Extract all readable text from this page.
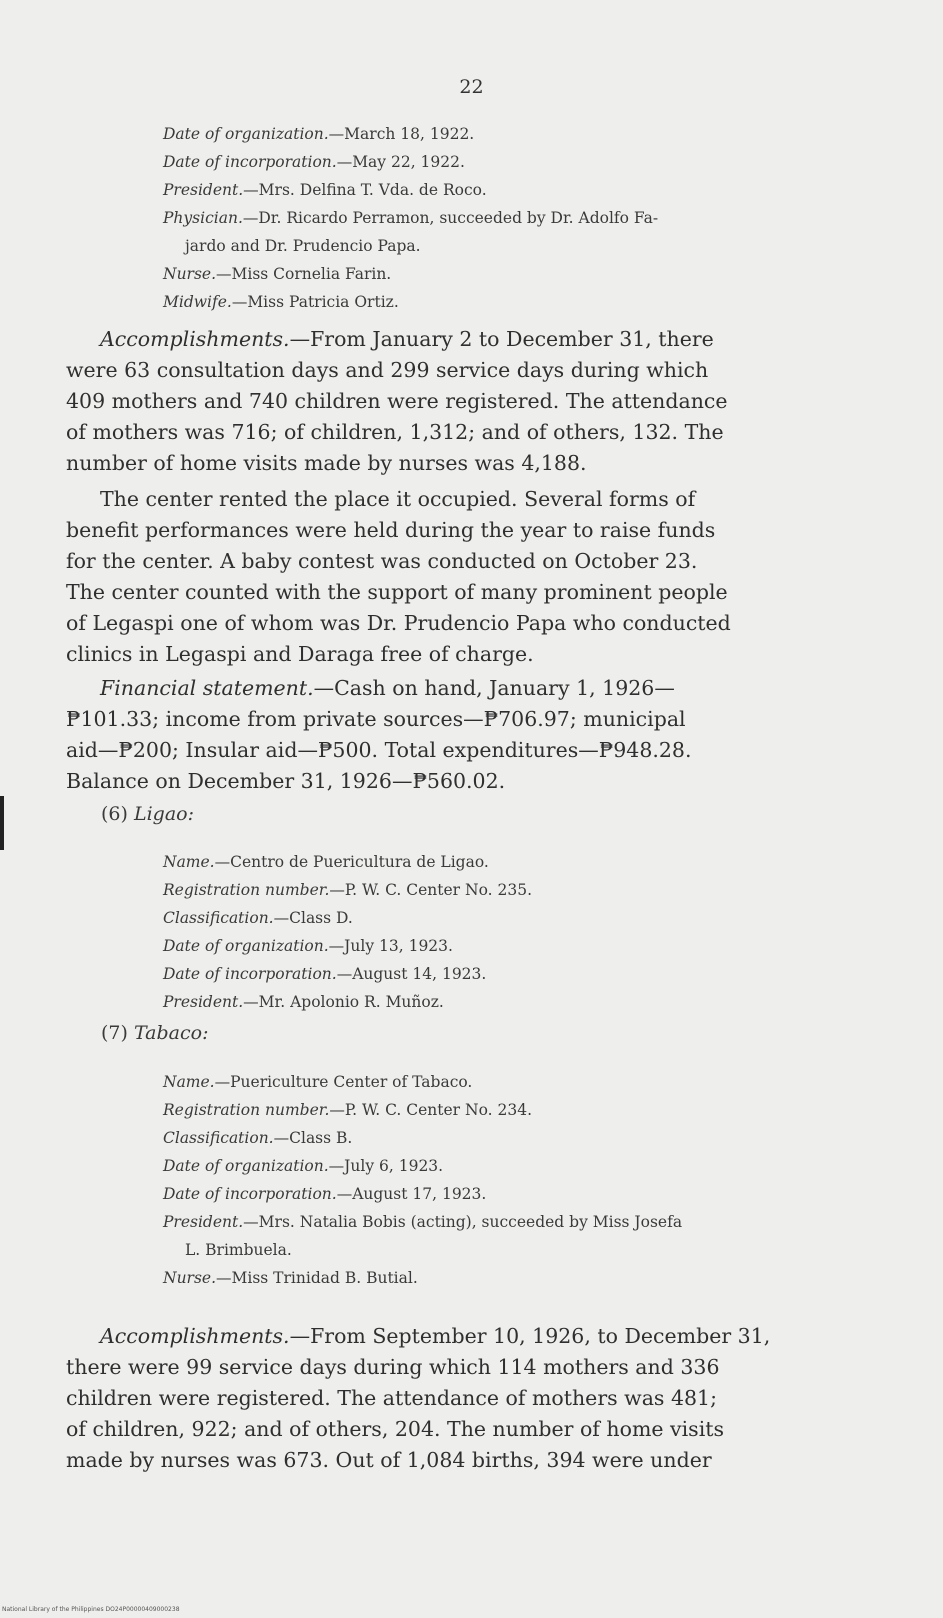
22
Date of organization.—March 18, 1922.
Date of incorporation.—May 22, 1922.
President.—Mrs. Delfina T. Vda. de Roco.
Physician.—Dr. Ricardo Perramon, succeeded by Dr. Adolfo Fa-
jardo and Dr. Prudencio Papa.
Nurse.—Miss Cornelia Farin.
Midwife.—Miss Patricia Ortiz.
Accomplishments.—From January 2 to December 31, there
were 63 consultation days and 299 service days during which
409 mothers and 740 children were registered. The attendance
of mothers was 716; of children, 1,312; and of others, 132. The
number of home visits made by nurses was 4,188.
The center rented the place it occupied. Several forms of
benefit performances were held during the year to raise funds
for the center. A baby contest was conducted on October 23.
The center counted with the support of many prominent people
of Legaspi one of whom was Dr. Prudencio Papa who conducted
clinics in Legaspi and Daraga free of charge.
Financial statement.—Cash on hand, January 1, 1926—
₱101.33; income from private sources—₱706.97; municipal
aid—₱200; Insular aid—₱500. Total expenditures—₱948.28.
Balance on December 31, 1926—₱560.02.
(6) Ligao:
Name.—Centro de Puericultura de Ligao.
Registration number.—P. W. C. Center No. 235.
Classification.—Class D.
Date of organization.—July 13, 1923.
Date of incorporation.—August 14, 1923.
President.—Mr. Apolonio R. Muñoz.
(7) Tabaco:
Name.—Puericulture Center of Tabaco.
Registration number.—P. W. C. Center No. 234.
Classification.—Class B.
Date of organization.—July 6, 1923.
Date of incorporation.—August 17, 1923.
President.—Mrs. Natalia Bobis (acting), succeeded by Miss Josefa
L. Brimbuela.
Nurse.—Miss Trinidad B. Butial.
Accomplishments.—From September 10, 1926, to December 31,
there were 99 service days during which 114 mothers and 336
children were registered. The attendance of mothers was 481;
of children, 922; and of others, 204. The number of home visits
made by nurses was 673. Out of 1,084 births, 394 were under
National Library of the Philippines DO24P00000409000238
